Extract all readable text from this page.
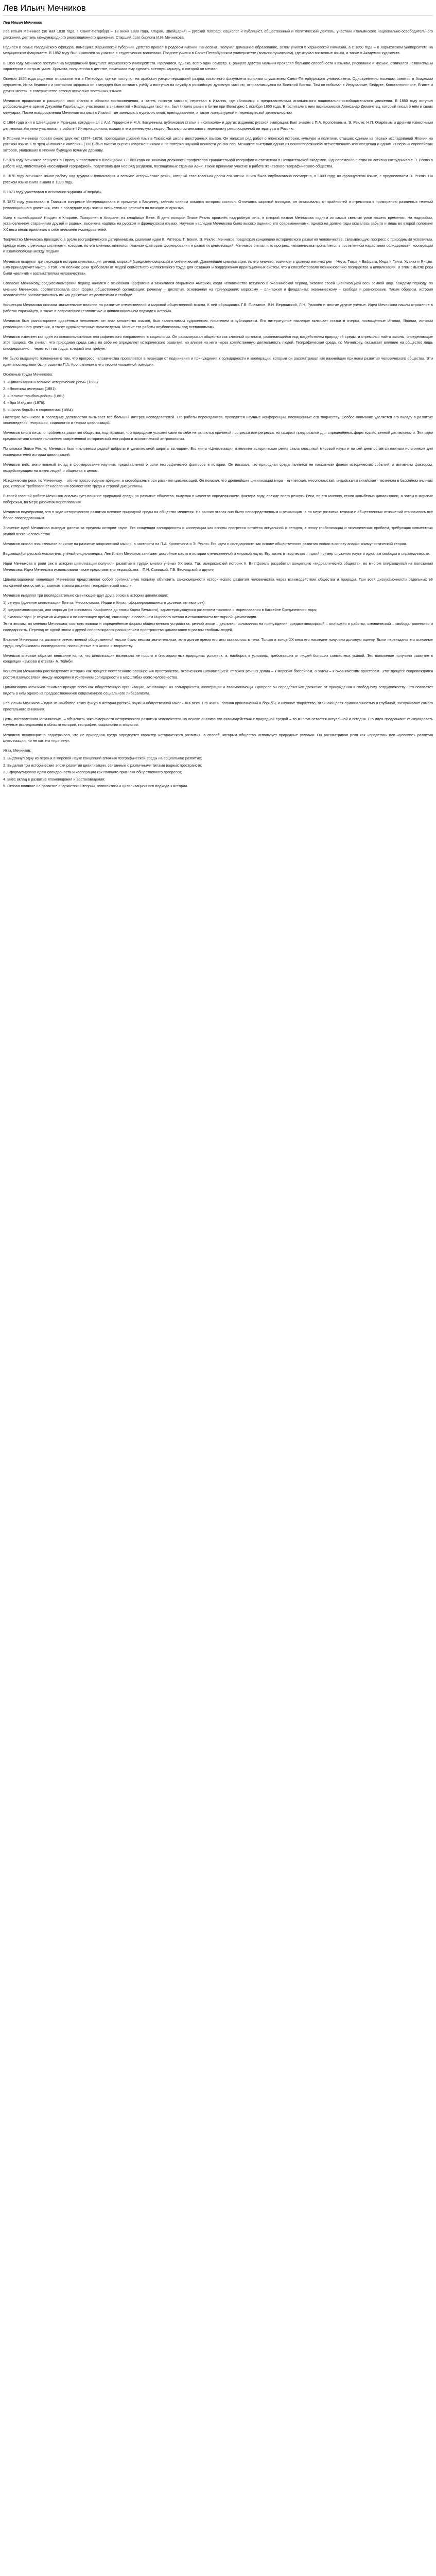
Лев Ильич Мечников
Лев Ильич Мечников

Лев Ильич Мечников (30 мая 1838 года, г. Санкт-Петербург – 18 июня 1888 года, Кларан, Швейцария) – русский географ, социолог и публицист, общественный и политический деятель, участник итальянского национально-освободительного движения, деятель международного революционного движения. Старший брат биолога И.И. Мечникова.

Родился в семье гвардейского офицера, помещика Харьковской губернии. Детство провёл в родовом имении Панасовка. Получил домашнее образование, затем учился в харьковской гимназии, а с 1850 года – в Харьковском университете на медицинском факультете. В 1852 году был исключён за участие в студенческих волнениях. Позднее учился в Санкт-Петербургском университете (вольнослушателем), где изучал восточные языки, а также в Академии художеств.

В 1855 году Мечников поступил на медицинский факультет Харьковского университета. Проучился, однако, всего один семестр. С раннего детства мальчик проявлял большие способности к языкам, рисованию и музыке, отличался независимым характером и острым умом. Хромота, полученная в детстве, помешала ему сделать военную карьеру, о которой он мечтал.

Осенью 1856 года родители отправили его в Петербург, где он поступил на арабско-турецко-персидский разряд восточного факультета вольным слушателем Санкт-Петербургского университета. Одновременно посещал занятия в Академии художеств. Из-за бедности и состояния здоровья он вынужден был оставить учёбу и поступил на службу в российскую духовную миссию, отправлявшуюся на Ближний Восток. Там он побывал в Иерусалиме, Бейруте, Константинополе, Египте и других местах, в совершенстве освоил несколько восточных языков.

Мечников продолжил и расширил свои знания в области востоковедения, а затем, покинув миссию, переехал в Италию, где сблизился с представителями итальянского национально-освободительного движения. В 1860 году вступил добровольцем в армию Джузеппе Гарибальди, участвовал в знаменитой «Экспедиции тысячи», был тяжело ранен в битве при Вольтурно 1 октября 1860 года. В госпитале с ним познакомился Александр Дюма-отец, который писал о нём в своих мемуарах. После выздоровления Мечников остался в Италии, где занимался журналистикой, преподаванием, а также литературной и переводческой деятельностью.

С 1864 года жил в Швейцарии и Франции, сотрудничал с А.И. Герценом и М.А. Бакуниным, публиковал статьи в «Колоколе» и других изданиях русской эмиграции. Был знаком с П.А. Кропоткиным, Э. Реклю, Н.П. Огарёвым и другими известными деятелями. Активно участвовал в работе I Интернационала, входил в его женевскую секцию. Пытался организовать переправку революционной литературы в Россию.

В Японии Мечников провёл около двух лет (1874–1876), преподавая русский язык в Токийской школе иностранных языков. Он написал ряд работ о японской истории, культуре и политике, ставших одними из первых исследований Японии на русском языке. Его труд «Японская империя» (1881) был высоко оценён современниками и не потерял научной ценности до сих пор. Мечников выступил одним из основоположников отечественного японоведения и одним из первых европейских авторов, увидевших в Японии будущую великую державу.

В 1876 году Мечников вернулся в Европу и поселился в Швейцарии. С 1883 года он занимал должность профессора сравнительной географии и статистики в Невшательской академии. Одновременно с этим он активно сотрудничал с Э. Реклю в работе над многотомной «Всемирной географией», подготовив для неё ряд разделов, посвящённых странам Азии. Также принимал участие в работе женевского географического общества.

В 1878 году Мечников начал работу над трудом «Цивилизация и великие исторические реки», который стал главным делом его жизни. Книга была опубликована посмертно, в 1889 году, на французском языке, с предисловием Э. Реклю. На русском языке книга вышла в 1898 году.

В 1873 году участвовал в основании журнала «Вперёд!».

В 1872 году участвовал в Гаагском конгрессе Интернационала и примкнул к Бакунину, тайным членом альянса которого состоял. Отличаясь широтой взглядов, он отказывался от крайностей и стремился к примирению различных течений революционного движения, хотя в последние годы жизни окончательно перешёл на позиции анархизма.

Умер в «швейцарской Ницце» в Кларане. Похоронен в Кларане, на кладбище Веве. В день похорон Элизе Реклю произнёс надгробную речь, в которой назвал Мечникова «одним из самых светлых умов нашего времени». На надгробии, установленном стараниями друзей и родных, высечена надпись на русском и французском языках. Научное наследие Мечникова было высоко оценено его современниками, однако на долгие годы оказалось забыто и лишь во второй половине XX века вновь привлекло к себе внимание исследователей.

Творчество Мечникова проходило в русле географического детерминизма, развивая идеи К. Риттера, Г. Бокля, Э. Реклю. Мечников предложил концепцию исторического развития человечества, связывающую прогресс с природными условиями, прежде всего с речными системами, которые, по его мнению, являются главным фактором формирования и развития цивилизаций. Мечников считал, что прогресс человечества проявляется в постепенном нарастании солидарности, кооперации и взаимопомощи между людьми.

Мечников выделял три периода в истории цивилизации: речной, морской (средиземноморский) и океанический. Древнейшие цивилизации, по его мнению, возникли в долинах великих рек – Нила, Тигра и Евфрата, Инда и Ганга, Хуанхэ и Янцзы. Ему принадлежит мысль о том, что великие реки требовали от людей совместного коллективного труда для создания и поддержания ирригационных систем, что и способствовало возникновению государства и цивилизации. В этом смысле реки были «великими воспитателями человечества».

Согласно Мечникову, средиземноморский период начался с основания Карфагена и закончился открытием Америки, когда человечество вступило в океанический период, охватив своей цивилизацией весь земной шар. Каждому периоду, по мнению Мечникова, соответствовала своя форма общественной организации: речному – деспотия, основанная на принуждении; морскому – олигархия и феодализм; океаническому – свобода и равноправие. Таким образом, история человечества рассматривалась им как движение от деспотизма к свободе.

Концепция Мечникова оказала значительное влияние на развитие отечественной и мировой общественной мысли. К ней обращались Г.В. Плеханов, В.И. Вернадский, Л.Н. Гумилёв и многие другие учёные. Идеи Мечникова нашли отражение в работах евразийцев, а также в современной геополитике и цивилизационном подходе к истории.

Мечников был разносторонне одарённым человеком: он знал множество языков, был талантливым художником, писателем и публицистом. Его литературное наследие включает статьи и очерки, посвящённые Италии, Японии, истории революционного движения, а также художественные произведения. Многие его работы опубликованы под псевдонимами.

Мечников известен как один из основоположников географического направления в социологии. Он рассматривал общество как сложный организм, развивающийся под воздействием природной среды, и стремился найти законы, определяющие этот процесс. Он считал, что природная среда сама по себе не определяет исторического развития, но влияет на него через хозяйственную деятельность людей. Географическая среда, по Мечникову, оказывает влияние на общество лишь опосредованно – через тот тип труда, который она требует.

Им было выдвинуто положение о том, что прогресс человечества проявляется в переходе от подчинения и принуждения к солидарности и кооперации, которые он рассматривал как важнейшие признаки развития человеческого общества. Эти идеи впоследствии были развиты П.А. Кропоткиным в его теории «взаимной помощи».

Основные труды Мечникова:

1. «Цивилизация и великие исторические реки» (1889).

2. «Японская империя» (1881).

3. «Записки гарибальдийца» (1861).

4. «Эра Мэйдзи» (1876).

5. «Школа борьбы в социологии» (1884).

Наследие Мечникова в последние десятилетия вызывает всё больший интерес исследователей. Его работы переиздаются, проводятся научные конференции, посвящённые его творчеству. Особое внимание уделяется его вкладу в развитие японоведения, географии, социологии и теории цивилизаций.

Мечников много писал о проблемах развития общества, подчёркивая, что природные условия сами по себе не являются причиной прогресса или регресса, но создают предпосылки для определённых форм хозяйственной деятельности. Эти идеи предвосхитили многие положения современной исторической географии и экологической антропологии.

По словам Элизе Реклю, Мечников был «человеком редкой доброты и удивительной широты взглядов». Его книга «Цивилизация и великие исторические реки» стала классикой мировой науки и по сей день остаётся важным источником для исследователей истории цивилизаций.

Мечников внёс значительный вклад в формирование научных представлений о роли географических факторов в истории. Он показал, что природная среда является не пассивным фоном исторических событий, а активным фактором, воздействующим на жизнь людей и общества в целом.

Исторические реки, по Мечникову, – это не просто водные артерии, а своеобразные оси развития цивилизаций. Он показал, что древнейшие цивилизации мира – египетская, месопотамская, индийская и китайская – возникли в бассейнах великих рек, которые требовали от населения совместного труда и строгой дисциплины.

В своей главной работе Мечников анализирует влияние природной среды на развитие общества, выделяя в качестве определяющего фактора воду, прежде всего речную. Реки, по его мнению, стали колыбелью цивилизации, а затем и морские побережья, по мере развития мореплавания.

Мечников подчёркивал, что в ходе исторического развития влияние природной среды на общество меняется. На ранних этапах оно было непосредственным и решающим, а по мере развития техники и общественных отношений становилось всё более опосредованным.

Значение идей Мечникова выходит далеко за пределы истории науки. Его концепция солидарности и кооперации как основы прогресса остаётся актуальной и сегодня, в эпоху глобализации и экологических проблем, требующих совместных усилий всего человечества.

Мечников оказал значительное влияние на развитие анархистской мысли, в частности на П.А. Кропоткина и Э. Реклю. Его идеи о солидарности как основе общественного развития вошли в основу анархо-коммунистической теории.

Выдающийся русский мыслитель, учёный-энциклопедист, Лев Ильич Мечников занимает достойное место в истории отечественной и мировой науки. Его жизнь и творчество – яркий пример служения науке и идеалам свободы и справедливости.

Идеи Мечникова о роли рек в истории цивилизации получили развитие в трудах многих учёных XX века. Так, американский историк К. Виттфогель разработал концепцию «гидравлических обществ», во многом опиравшуюся на положения Мечникова. Идеи Мечникова использовали также представители евразийства – П.Н. Савицкий, Г.В. Вернадский и другие.

Цивилизационная концепция Мечникова представляет собой оригинальную попытку объяснить закономерности исторического развития человечества через взаимодействие общества и природы. При всей дискуссионности отдельных её положений она остаётся важным этапом развития географической мысли.

Мечников выделял три последовательно сменяющие друг друга эпохи в истории цивилизации:

1) речную (древние цивилизации Египта, Месопотамии, Индии и Китая, сформировавшиеся в долинах великих рек);

2) средиземноморскую, или морскую (от основания Карфагена до эпохи Карла Великого), характеризующуюся развитием торговли и мореплавания в бассейне Средиземного моря;

3) океаническую (с открытия Америки и по настоящее время), связанную с освоением Мирового океана и становлением всемирной цивилизации.

Этим эпохам, по мнению Мечникова, соответствовали и определённые формы общественного устройства: речной эпохе – деспотия, основанная на принуждении; средиземноморской – олигархия и рабство; океанической – свобода, равенство и солидарность. Переход от одной эпохи к другой сопровождался расширением пространства цивилизации и ростом свободы людей.

Влияние Мечникова на развитие отечественной общественной мысли было весьма значительным, хотя долгое время его имя оставалось в тени. Только в конце XX века его наследие получило должную оценку. Были переизданы его основные труды, опубликованы исследования, посвящённые его жизни и творчеству.

Мечников впервые обратил внимание на то, что цивилизации возникали не просто в благоприятных природных условиях, а, наоборот, в условиях, требовавших от людей больших совместных усилий. Это положение получило развитие в концепции «вызова и ответа» А. Тойнби.

Концепция Мечникова рассматривает историю как процесс постепенного расширения пространства, охваченного цивилизацией: от узких речных долин – к морским бассейнам, а затем – к океаническим просторам. Этот процесс сопровождался ростом взаимосвязей между народами и усилением солидарности в масштабах всего человечества.

Цивилизацию Мечников понимал прежде всего как общественную организацию, основанную на солидарности, кооперации и взаимопомощи. Прогресс он определял как движение от принуждения к свободному сотрудничеству. Это позволяет видеть в нём одного из предшественников современного социального либерализма.

Лев Ильич Мечников – одна из наиболее ярких фигур в истории русской науки и общественной мысли XIX века. Его жизнь, полная приключений и борьбы, и научное творчество, отличающееся оригинальностью и глубиной, заслуживают самого пристального внимания.

Цель, поставленная Мечниковым, – объяснить закономерности исторического развития человечества на основе анализа его взаимодействия с природной средой – во многом остаётся актуальной и сегодня. Его идеи продолжают стимулировать научные исследования в области истории, географии, социологии и экологии.

Мечников неоднократно подчёркивал, что не природная среда определяет характер исторического развития, а способ, которым общество использует природные условия. Он рассматривал реки как «средство» или «условие» развития цивилизации, но не как его «причину».

Итак, Мечников:

1. Выдвинул одну из первых в мировой науке концепций влияния географической среды на социальное развитие;

2. Выделил три исторические эпохи развития цивилизации, связанные с различными типами водных пространств;

3. Сформулировал идею солидарности и кооперации как главного признака общественного прогресса;

4. Внёс вклад в развитие японоведения и востоковедения;

5. Оказал влияние на развитие анархистской теории, геополитики и цивилизационного подхода к истории.
